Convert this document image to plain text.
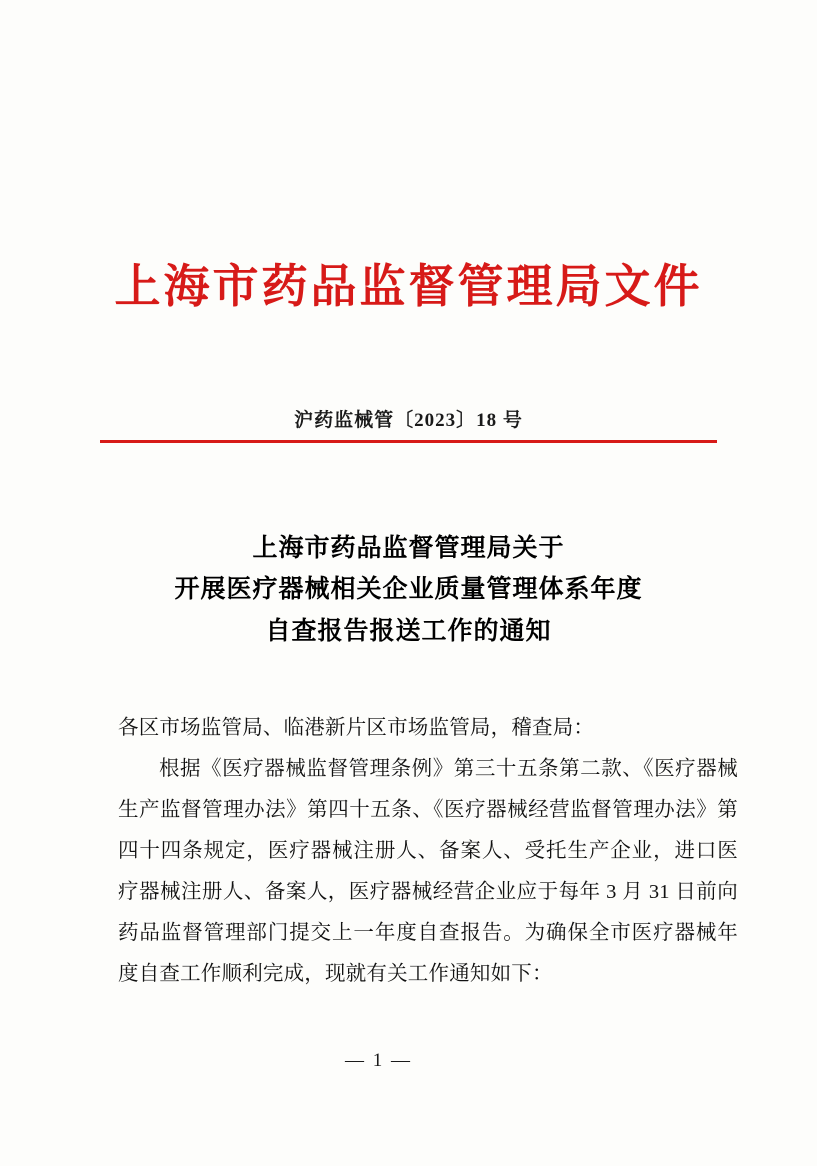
上海市药品监督管理局文件
沪药监械管〔2023〕18 号
上海市药品监督管理局关于
开展医疗器械相关企业质量管理体系年度
自查报告报送工作的通知
各区市场监管局、临港新片区市场监管局，稽查局：
根据《医疗器械监督管理条例》第三十五条第二款、《医疗器械生产监督管理办法》第四十五条、《医疗器械经营监督管理办法》第四十四条规定，医疗器械注册人、备案人、受托生产企业，进口医疗器械注册人、备案人，医疗器械经营企业应于每年 3 月 31 日前向药品监督管理部门提交上一年度自查报告。为确保全市医疗器械年度自查工作顺利完成，现就有关工作通知如下：
— 1 —
